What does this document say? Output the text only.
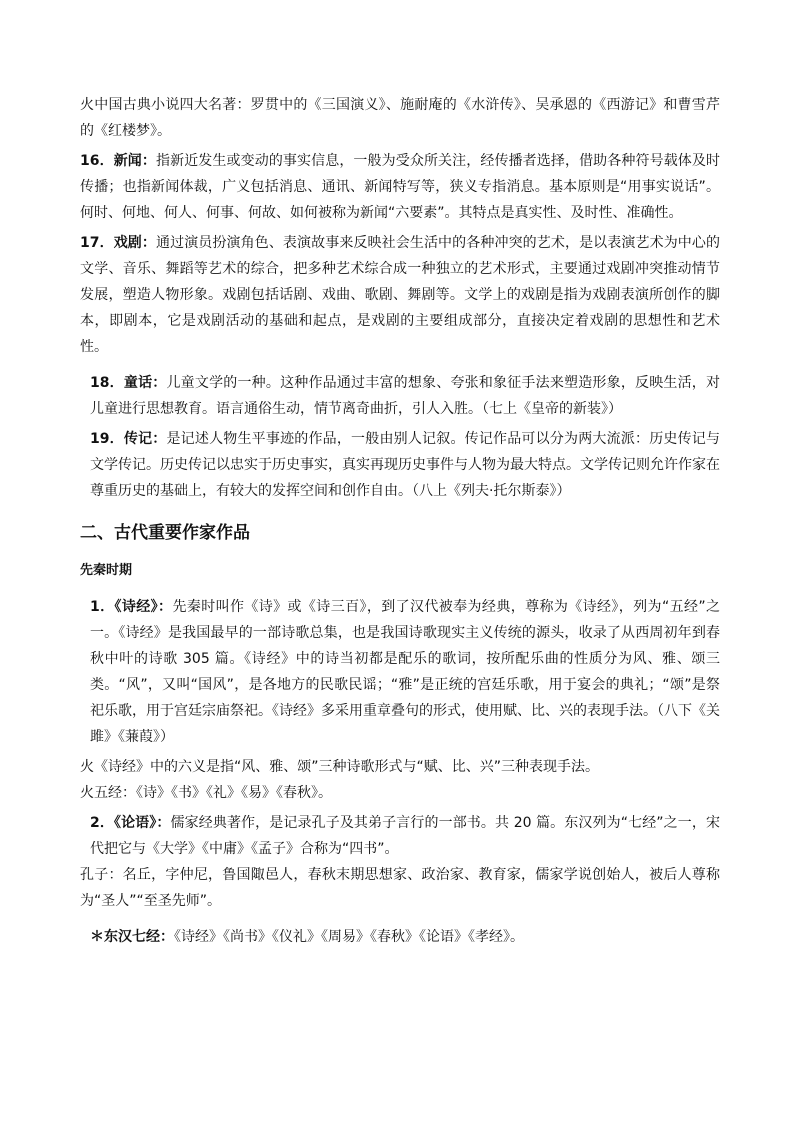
火中国古典小说四大名著：罗贯中的《三国演义》、施耐庵的《水浒传》、吴承恩的《西游记》和曹雪芹的《红楼梦》。

16．新闻：指新近发生或变动的事实信息，一般为受众所关注，经传播者选择，借助各种符号载体及时传播；也指新闻体裁，广义包括消息、通讯、新闻特写等，狭义专指消息。基本原则是“用事实说话”。何时、何地、何人、何事、何故、如何被称为新闻“六要素”。其特点是真实性、及时性、准确性。

17．戏剧：通过演员扮演角色、表演故事来反映社会生活中的各种冲突的艺术，是以表演艺术为中心的文学、音乐、舞蹈等艺术的综合，把多种艺术综合成一种独立的艺术形式，主要通过戏剧冲突推动情节发展，塑造人物形象。戏剧包括话剧、戏曲、歌剧、舞剧等。文学上的戏剧是指为戏剧表演所创作的脚本，即剧本，它是戏剧活动的基础和起点，是戏剧的主要组成部分，直接决定着戏剧的思想性和艺术性。

18．童话：儿童文学的一种。这种作品通过丰富的想象、夸张和象征手法来塑造形象，反映生活，对儿童进行思想教育。语言通俗生动，情节离奇曲折，引人入胜。（七上《皇帝的新装》）

19．传记：是记述人物生平事迹的作品，一般由别人记叙。传记作品可以分为两大流派：历史传记与文学传记。历史传记以忠实于历史事实，真实再现历史事件与人物为最大特点。文学传记则允许作家在尊重历史的基础上，有较大的发挥空间和创作自由。（八上《列夫·托尔斯泰》）

二、古代重要作家作品
先秦时期

1．《诗经》：先秦时叫作《诗》或《诗三百》，到了汉代被奉为经典，尊称为《诗经》，列为“五经”之一。《诗经》是我国最早的一部诗歌总集，也是我国诗歌现实主义传统的源头，收录了从西周初年到春秋中叶的诗歌 305 篇。《诗经》中的诗当初都是配乐的歌词，按所配乐曲的性质分为风、雅、颂三类。“风”，又叫“国风”，是各地方的民歌民谣；“雅”是正统的宫廷乐歌，用于宴会的典礼；“颂”是祭祀乐歌，用于宫廷宗庙祭祀。《诗经》多采用重章叠句的形式，使用赋、比、兴的表现手法。（八下《关雎》《蒹葭》）

火《诗经》中的六义是指“风、雅、颂”三种诗歌形式与“赋、比、兴”三种表现手法。

火五经：《诗》《书》《礼》《易》《春秋》。

2．《论语》：儒家经典著作，是记录孔子及其弟子言行的一部书。共 20 篇。东汉列为“七经”之一，宋代把它与《大学》《中庸》《孟子》合称为“四书”。

孔子：名丘，字仲尼，鲁国陬邑人，春秋末期思想家、政治家、教育家，儒家学说创始人，被后人尊称为“圣人”“至圣先师”。

＊东汉七经：《诗经》《尚书》《仪礼》《周易》《春秋》《论语》《孝经》。
